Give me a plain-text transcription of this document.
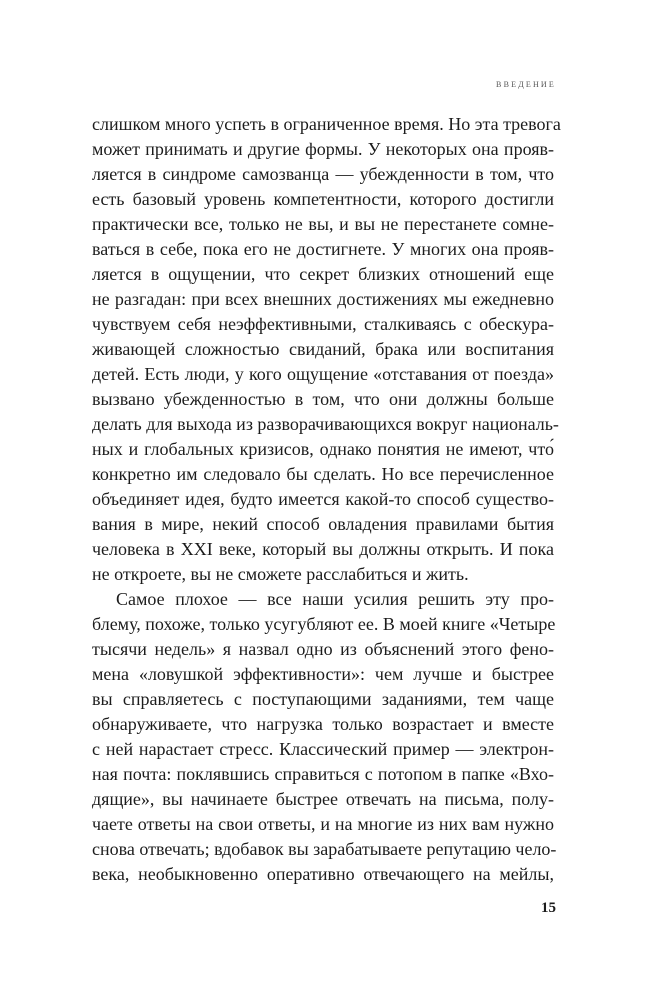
введение
слишком много успеть в ограниченное время. Но эта тревога
может принимать и другие формы. У некоторых она прояв-
ляется в синдроме самозванца — убежденности в том, что
есть базовый уровень компетентности, которого достигли
практически все, только не вы, и вы не перестанете сомне-
ваться в себе, пока его не достигнете. У многих она прояв-
ляется в ощущении, что секрет близких отношений еще
не разгадан: при всех внешних достижениях мы ежедневно
чувствуем себя неэффективными, сталкиваясь с обескура-
живающей сложностью свиданий, брака или воспитания
детей. Есть люди, у кого ощущение «отставания от поезда»
вызвано убежденностью в том, что они должны больше
делать для выхода из разворачивающихся вокруг националь-
ных и глобальных кризисов, однако понятия не имеют, что́
конкретно им следовало бы сделать. Но все перечисленное
объединяет идея, будто имеется какой-то способ существо-
вания в мире, некий способ овладения правилами бытия
человека в XXI веке, который вы должны открыть. И пока
не откроете, вы не сможете расслабиться и жить.
Самое плохое — все наши усилия решить эту про-
блему, похоже, только усугубляют ее. В моей книге «Четыре
тысячи недель» я назвал одно из объяснений этого фено-
мена «ловушкой эффективности»: чем лучше и быстрее
вы справляетесь с поступающими заданиями, тем чаще
обнаруживаете, что нагрузка только возрастает и вместе
с ней нарастает стресс. Классический пример — электрон-
ная почта: поклявшись справиться с потопом в папке «Вхо-
дящие», вы начинаете быстрее отвечать на письма, полу-
чаете ответы на свои ответы, и на многие из них вам нужно
снова отвечать; вдобавок вы зарабатываете репутацию чело-
века, необыкновенно оперативно отвечающего на мейлы,
15
